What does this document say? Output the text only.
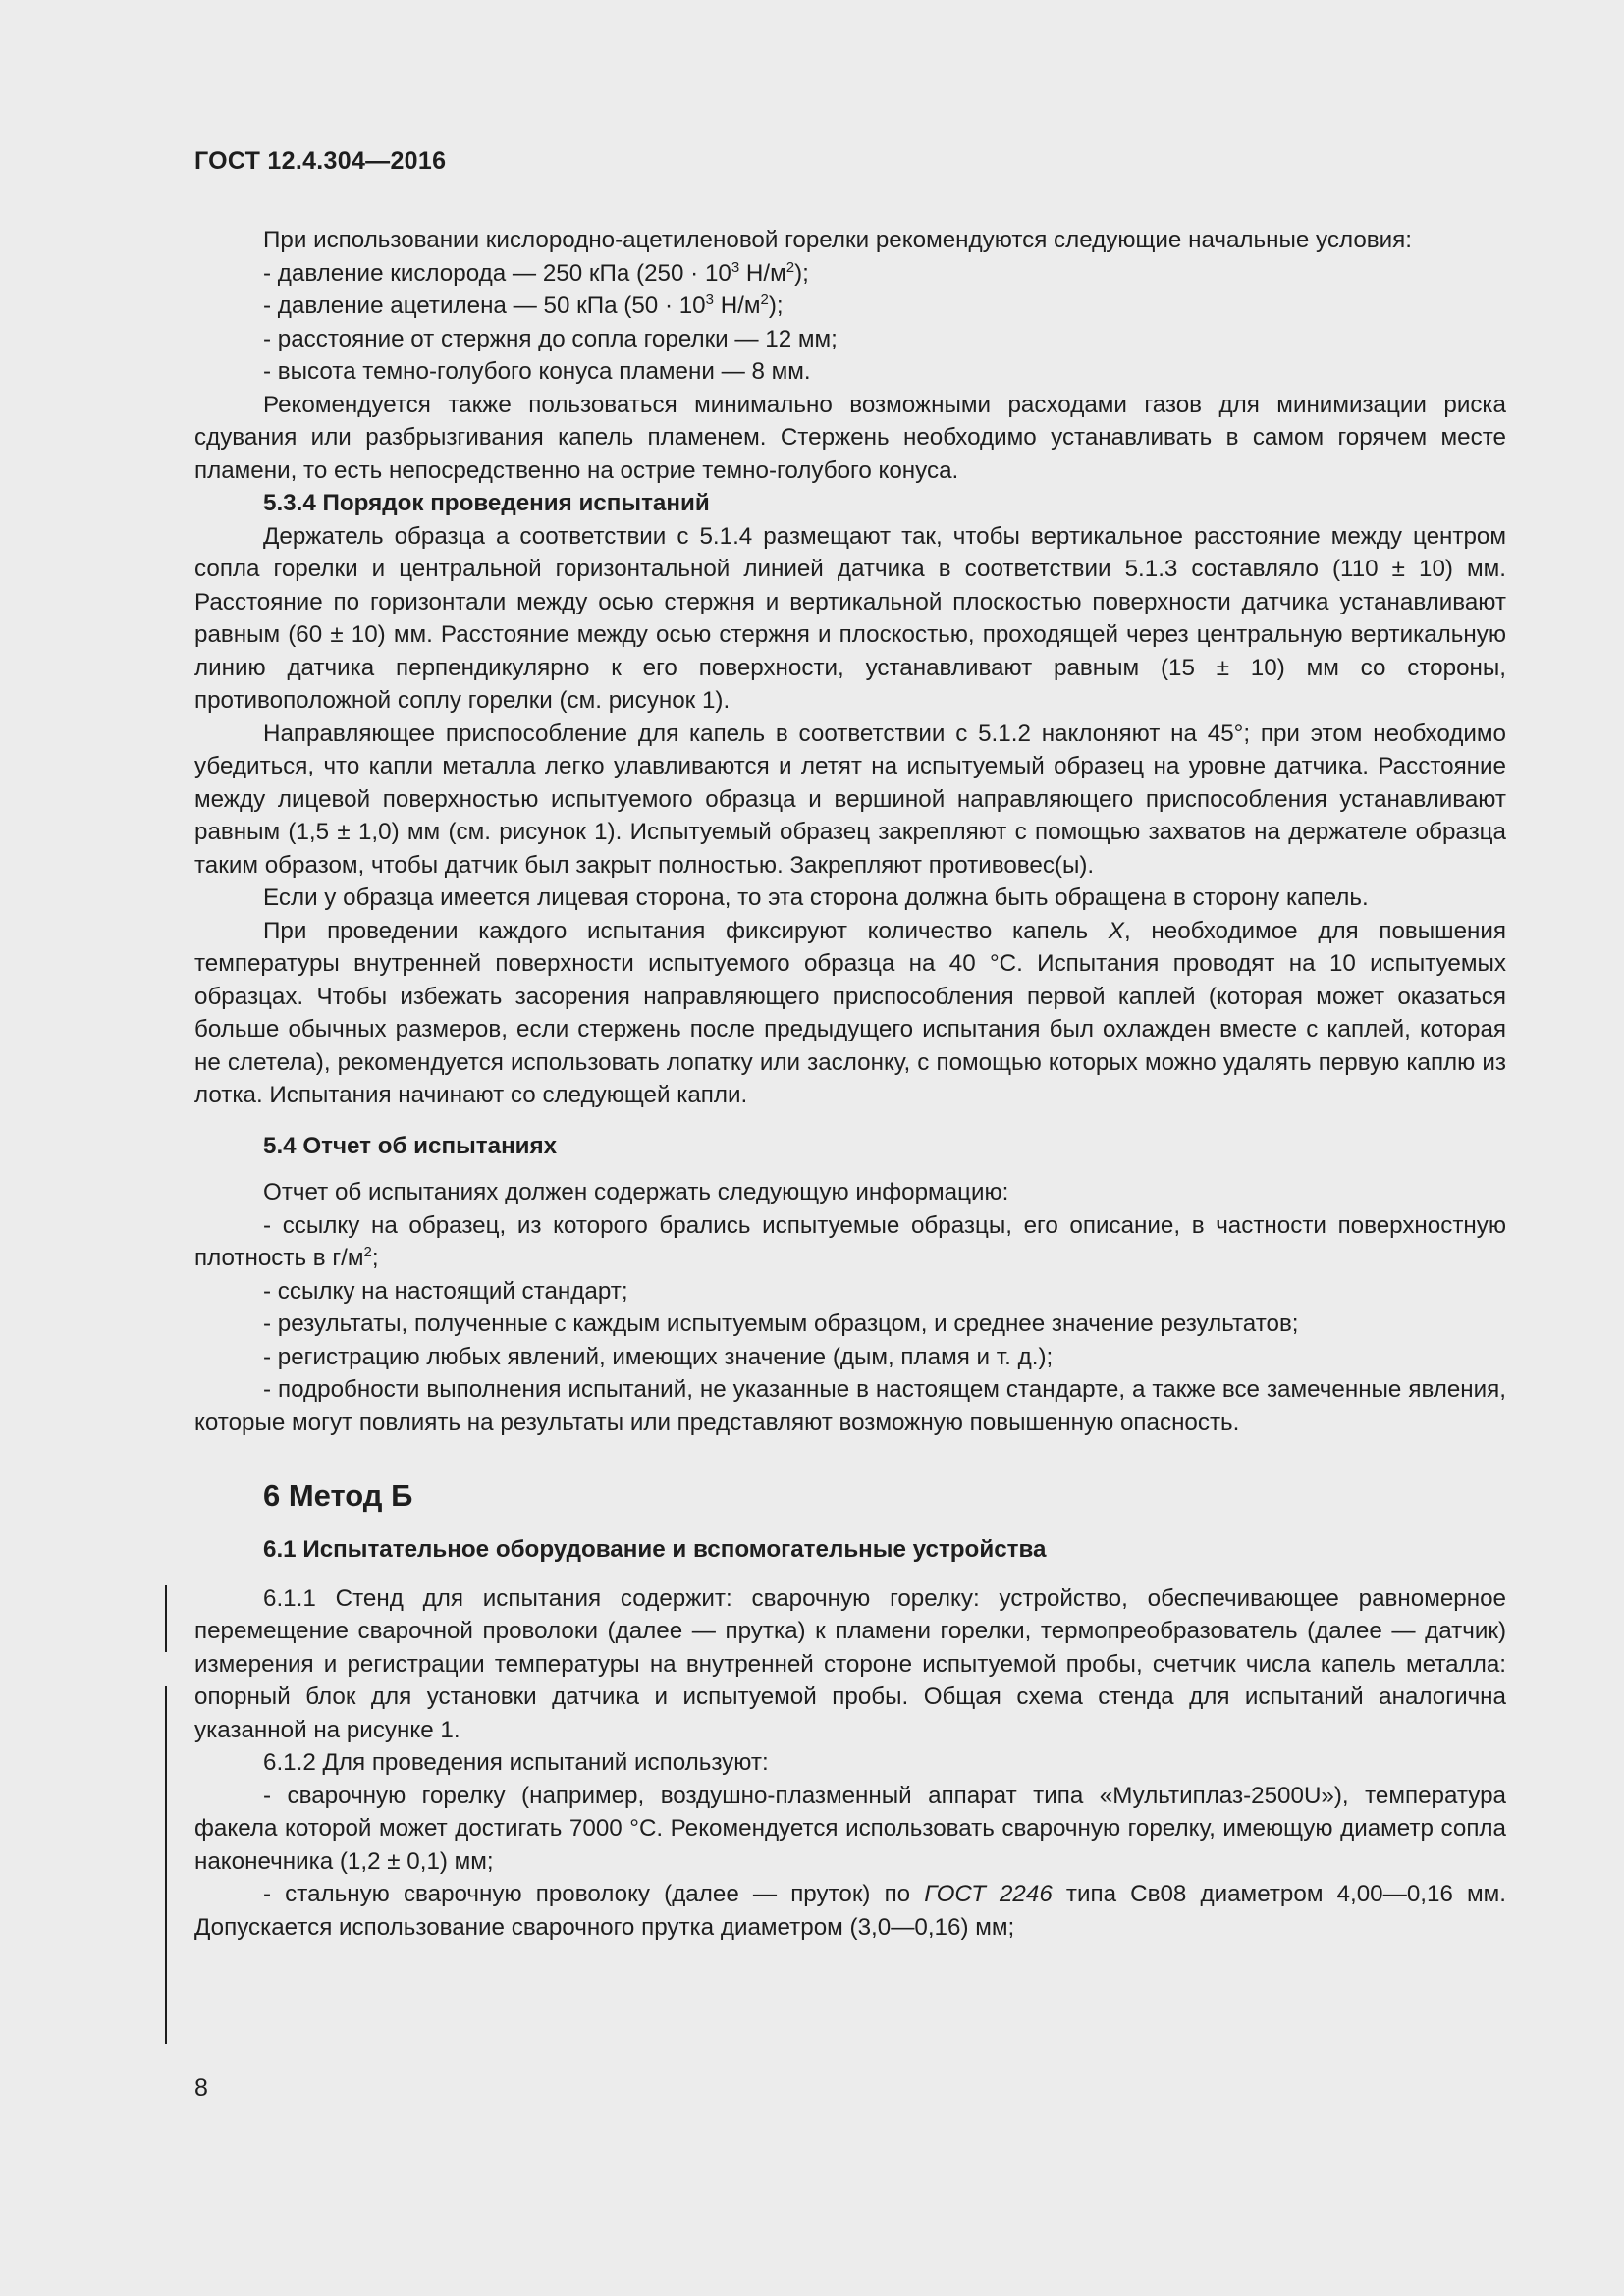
ГОСТ 12.4.304—2016

При использовании кислородно-ацетиленовой горелки рекомендуются следующие начальные условия:

- давление кислорода — 250 кПа ($250 \cdot 10^3$ $Н/м^2$);

- давление ацетилена — 50 кПа ($50 \cdot 10^3$ $Н/м^2$);

- расстояние от стержня до сопла горелки — 12 мм;

- высота темно-голубого конуса пламени — 8 мм.

Рекомендуется также пользоваться минимально возможными расходами газов для минимизации риска сдувания или разбрызгивания капель пламенем. Стержень необходимо устанавливать в самом горячем месте пламени, то есть непосредственно на острие темно-голубого конуса.

5.3.4 Порядок проведения испытаний

Держатель образца а соответствии с 5.1.4 размещают так, чтобы вертикальное расстояние между центром сопла горелки и центральной горизонтальной линией датчика в соответствии 5.1.3 составляло (110 ± 10) мм. Расстояние по горизонтали между осью стержня и вертикальной плоскостью поверхности датчика устанавливают равным (60 ± 10) мм. Расстояние между осью стержня и плоскостью, проходящей через центральную вертикальную линию датчика перпендикулярно к его поверхности, устанавливают равным (15 ± 10) мм со стороны, противоположной соплу горелки (см. рисунок 1).

Направляющее приспособление для капель в соответствии с 5.1.2 наклоняют на 45°; при этом необходимо убедиться, что капли металла легко улавливаются и летят на испытуемый образец на уровне датчика. Расстояние между лицевой поверхностью испытуемого образца и вершиной направляющего приспособления устанавливают равным (1,5 ± 1,0) мм (см. рисунок 1). Испытуемый образец закрепляют с помощью захватов на держателе образца таким образом, чтобы датчик был закрыт полностью. Закрепляют противовес(ы).

Если у образца имеется лицевая сторона, то эта сторона должна быть обращена в сторону капель.

При проведении каждого испытания фиксируют количество капель X, необходимое для повышения температуры внутренней поверхности испытуемого образца на 40 °С. Испытания проводят на 10 испытуемых образцах. Чтобы избежать засорения направляющего приспособления первой каплей (которая может оказаться больше обычных размеров, если стержень после предыдущего испытания был охлажден вместе с каплей, которая не слетела), рекомендуется использовать лопатку или заслонку, с помощью которых можно удалять первую каплю из лотка. Испытания начинают со следующей капли.

5.4 Отчет об испытаниях

Отчет об испытаниях должен содержать следующую информацию:

- ссылку на образец, из которого брались испытуемые образцы, его описание, в частности поверхностную плотность в $г/м^2$;

- ссылку на настоящий стандарт;

- результаты, полученные с каждым испытуемым образцом, и среднее значение результатов;

- регистрацию любых явлений, имеющих значение (дым, пламя и т. д.);

- подробности выполнения испытаний, не указанные в настоящем стандарте, а также все замеченные явления, которые могут повлиять на результаты или представляют возможную повышенную опасность.

6 Метод Б
6.1 Испытательное оборудование и вспомогательные устройства

6.1.1 Стенд для испытания содержит: сварочную горелку: устройство, обеспечивающее равномерное перемещение сварочной проволоки (далее — прутка) к пламени горелки, термопреобразователь (далее — датчик) измерения и регистрации температуры на внутренней стороне испытуемой пробы, счетчик числа капель металла: опорный блок для установки датчика и испытуемой пробы. Общая схема стенда для испытаний аналогична указанной на рисунке 1.

6.1.2 Для проведения испытаний используют:

- сварочную горелку (например, воздушно-плазменный аппарат типа «Мультиплаз-2500U»), температура факела которой может достигать 7000 °С. Рекомендуется использовать сварочную горелку, имеющую диаметр сопла наконечника (1,2 ± 0,1) мм;

- стальную сварочную проволоку (далее — пруток) по ГОСТ 2246 типа Св08 диаметром 4,00—0,16 мм. Допускается использование сварочного прутка диаметром (3,0—0,16) мм;

8
